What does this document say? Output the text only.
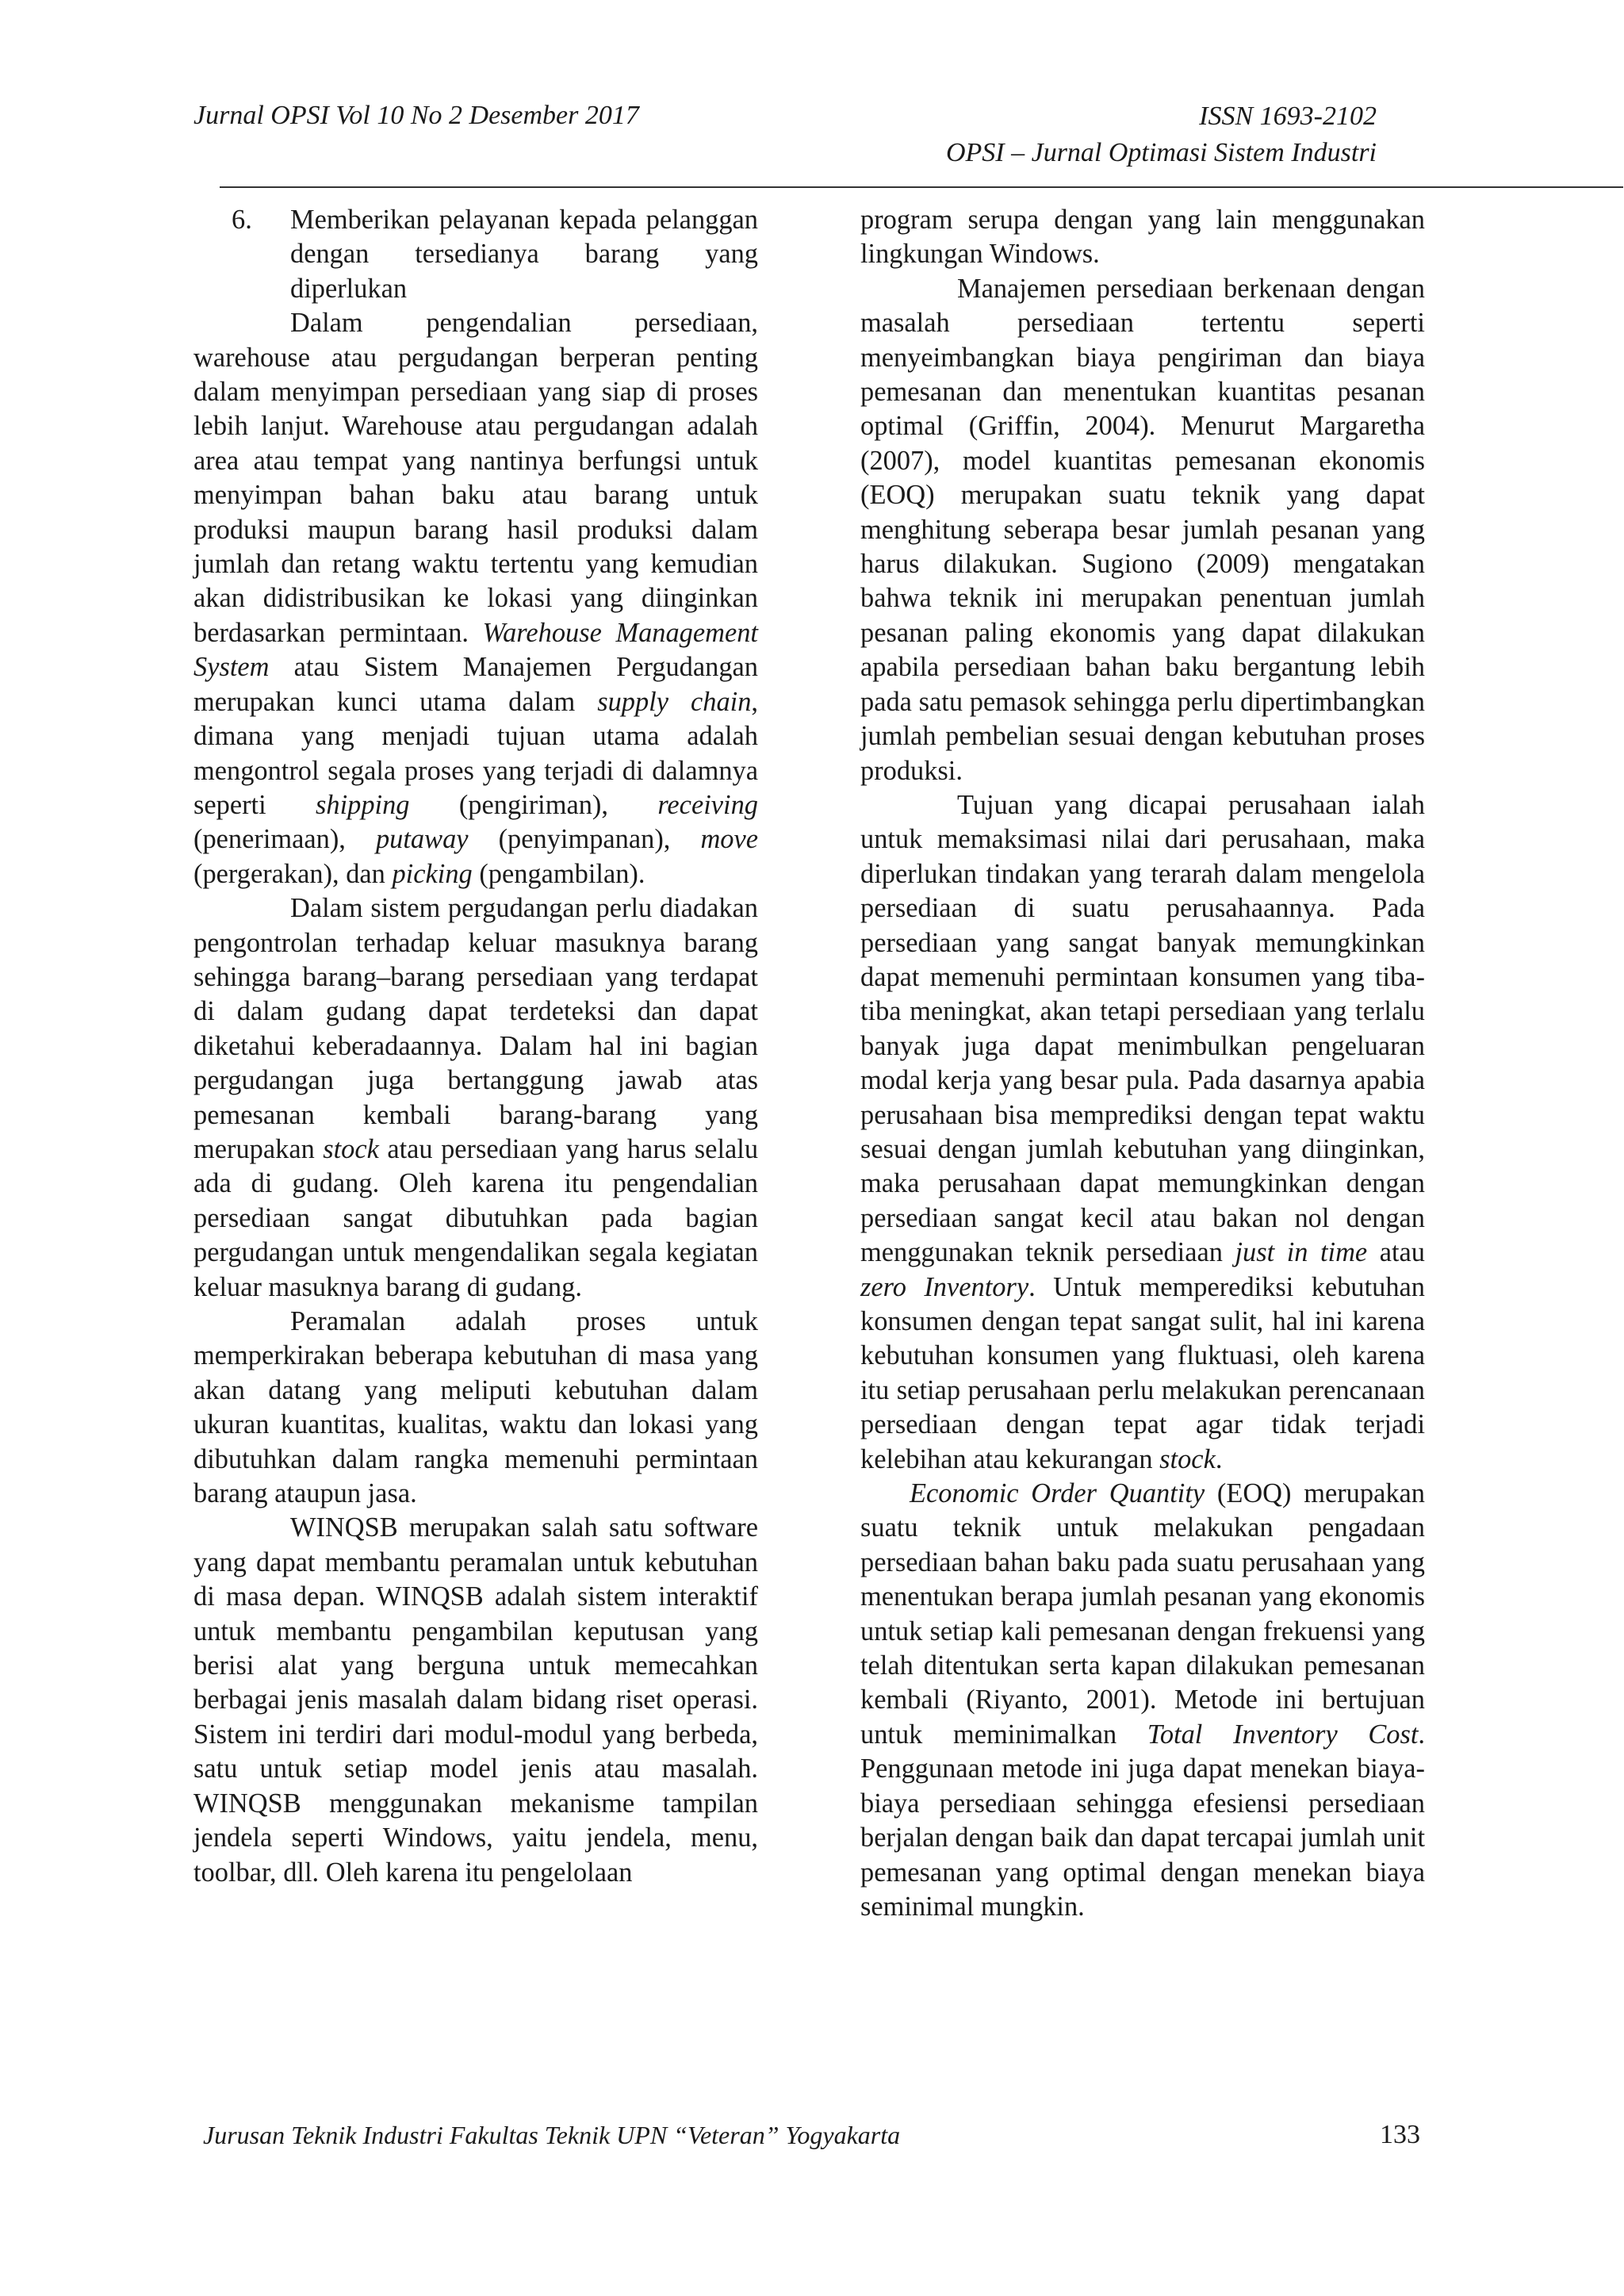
Jurnal OPSI Vol 10 No 2 Desember 2017	ISSN 1693-2102
OPSI – Jurnal Optimasi Sistem Industri
6.	Memberikan pelayanan kepada pelanggan dengan tersedianya barang yang diperlukan

Dalam pengendalian persediaan, warehouse atau pergudangan berperan penting dalam menyimpan persediaan yang siap di proses lebih lanjut. Warehouse atau pergudangan adalah area atau tempat yang nantinya berfungsi untuk menyimpan bahan baku atau barang untuk produksi maupun barang hasil produksi dalam jumlah dan retang waktu tertentu yang kemudian akan didistribusikan ke lokasi yang diinginkan berdasarkan permintaan. Warehouse Management System atau Sistem Manajemen Pergudangan merupakan kunci utama dalam supply chain, dimana yang menjadi tujuan utama adalah mengontrol segala proses yang terjadi di dalamnya seperti shipping (pengiriman), receiving (penerimaan), putaway (penyimpanan), move (pergerakan), dan picking (pengambilan).

Dalam sistem pergudangan perlu diadakan pengontrolan terhadap keluar masuknya barang sehingga barang–barang persediaan yang terdapat di dalam gudang dapat terdeteksi dan dapat diketahui keberadaannya. Dalam hal ini bagian pergudangan juga bertanggung jawab atas pemesanan kembali barang-barang yang merupakan stock atau persediaan yang harus selalu ada di gudang. Oleh karena itu pengendalian persediaan sangat dibutuhkan pada bagian pergudangan untuk mengendalikan segala kegiatan keluar masuknya barang di gudang.

Peramalan adalah proses untuk memperkirakan beberapa kebutuhan di masa yang akan datang yang meliputi kebutuhan dalam ukuran kuantitas, kualitas, waktu dan lokasi yang dibutuhkan dalam rangka memenuhi permintaan barang ataupun jasa.

WINQSB merupakan salah satu software yang dapat membantu peramalan untuk kebutuhan di masa depan. WINQSB adalah sistem interaktif untuk membantu pengambilan keputusan yang berisi alat yang berguna untuk memecahkan berbagai jenis masalah dalam bidang riset operasi. Sistem ini terdiri dari modul-modul yang berbeda, satu untuk setiap model jenis atau masalah. WINQSB menggunakan mekanisme tampilan jendela seperti Windows, yaitu jendela, menu, toolbar, dll. Oleh karena itu pengelolaan

program serupa dengan yang lain menggunakan lingkungan Windows.

Manajemen persediaan berkenaan dengan masalah persediaan tertentu seperti menyeimbangkan biaya pengiriman dan biaya pemesanan dan menentukan kuantitas pesanan optimal (Griffin, 2004). Menurut Margaretha (2007), model kuantitas pemesanan ekonomis (EOQ) merupakan suatu teknik yang dapat menghitung seberapa besar jumlah pesanan yang harus dilakukan. Sugiono (2009) mengatakan bahwa teknik ini merupakan penentuan jumlah pesanan paling ekonomis yang dapat dilakukan apabila persediaan bahan baku bergantung lebih pada satu pemasok sehingga perlu dipertimbangkan jumlah pembelian sesuai dengan kebutuhan proses produksi.

Tujuan yang dicapai perusahaan ialah untuk memaksimasi nilai dari perusahaan, maka diperlukan tindakan yang terarah dalam mengelola persediaan di suatu perusahaannya. Pada persediaan yang sangat banyak memungkinkan dapat memenuhi permintaan konsumen yang tiba-tiba meningkat, akan tetapi persediaan yang terlalu banyak juga dapat menimbulkan pengeluaran modal kerja yang besar pula. Pada dasarnya apabia perusahaan bisa memprediksi dengan tepat waktu sesuai dengan jumlah kebutuhan yang diinginkan, maka perusahaan dapat memungkinkan dengan persediaan sangat kecil atau bakan nol dengan menggunakan teknik persediaan just in time atau zero Inventory. Untuk memperediksi kebutuhan konsumen dengan tepat sangat sulit, hal ini karena kebutuhan konsumen yang fluktuasi, oleh karena itu setiap perusahaan perlu melakukan perencanaan persediaan dengan tepat agar tidak terjadi kelebihan atau kekurangan stock.

Economic Order Quantity (EOQ) merupakan suatu teknik untuk melakukan pengadaan persediaan bahan baku pada suatu perusahaan yang menentukan berapa jumlah pesanan yang ekonomis untuk setiap kali pemesanan dengan frekuensi yang telah ditentukan serta kapan dilakukan pemesanan kembali (Riyanto, 2001). Metode ini bertujuan untuk meminimalkan Total Inventory Cost. Penggunaan metode ini juga dapat menekan biaya-biaya persediaan sehingga efesiensi persediaan berjalan dengan baik dan dapat tercapai jumlah unit pemesanan yang optimal dengan menekan biaya seminimal mungkin.

Jurusan Teknik Industri Fakultas Teknik UPN “Veteran” Yogyakarta	133
